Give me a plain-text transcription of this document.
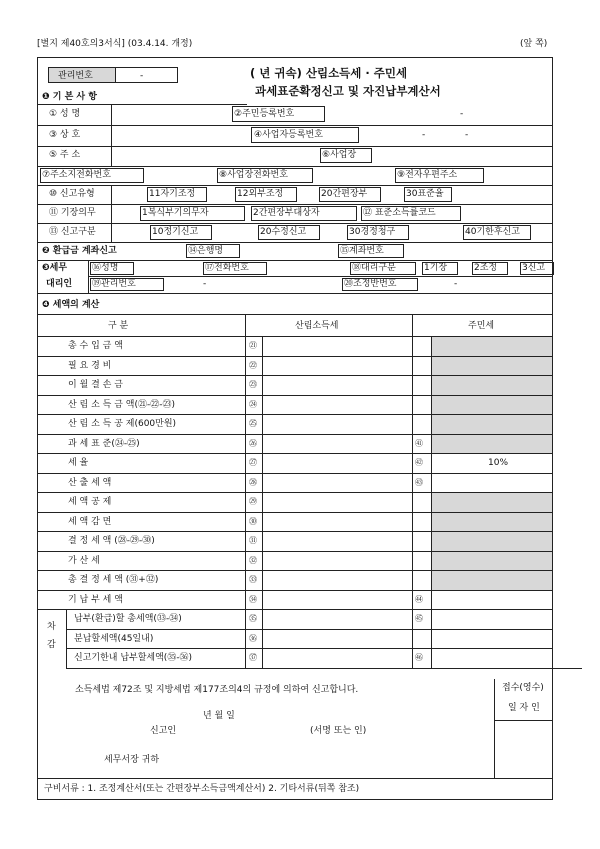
[별지 제40호의3서식] (03.4.14. 개정)	(앞 쪽)
관리번호	-	( 년 귀속) 산림소득세 · 주민세
과세표준확정신고 및 자진납부계산서
❶ 기 본 사 항
① 성 명	②주민등록번호	-
③ 상 호	④사업자등록번호	-	-
⑤ 주 소	⑥사업장
⑦주소지전화번호	⑧사업장전화번호	⑨전자우편주소
⑩ 신고유형	11자기조정	12외부조정	20간편장부	30표준율
⑪ 기장의무	1복식부기의무자	2간편장부대상자	⑫ 표준소득률코드
⑬ 신고구분	10정기신고	20수정신고	30경정청구	40기한후신고
❷ 환급금 계좌신고	⑭은행명	⑮계좌번호
❸세무
대리인
⑯성명	⑰전화번호	⑱대리구분	1기장	2조정	3신고
⑲관리번호	-	⑳조정반번호	-
❹ 세액의 계산
구 분	산림소득세	주민세
총 수 입 금 액	㉑
필 요 경 비	㉒
이 월 결 손 금	㉓
산 림 소 득 금 액(㉑-㉒-㉓)	㉔
산 림 소 득 공 제(600만원)	㉕
과 세 표 준(㉔-㉕)	㉖	㊶
세 율	㉗	㊷	10%
산 출 세 액	㉘	㊸
세 액 공 제	㉙
세 액 감 면	㉚
결 정 세 액 (㉘-㉙-㉚)	㉛
가 산 세	㉜
총 결 정 세 액 (㉛+㉜)	㉝
기 납 부 세 액	㉞	㊹
납부(환급)할 총세액(㉝-㉞)	㉟	㊺
분납할세액(45일내)	㊱
신고기한내 납부할세액(㉟-㊱)	㊲	㊻
차
감
소득세법 제72조 및 지방세법 제177조의4의 규정에 의하여 신고합니다.
년 월 일
신고인	(서명 또는 인)
세무서장 귀하
접수(영수)
일 자 인
구비서류 : 1. 조정계산서(또는 간편장부소득금액계산서) 2. 기타서류(뒤쪽 참조)
